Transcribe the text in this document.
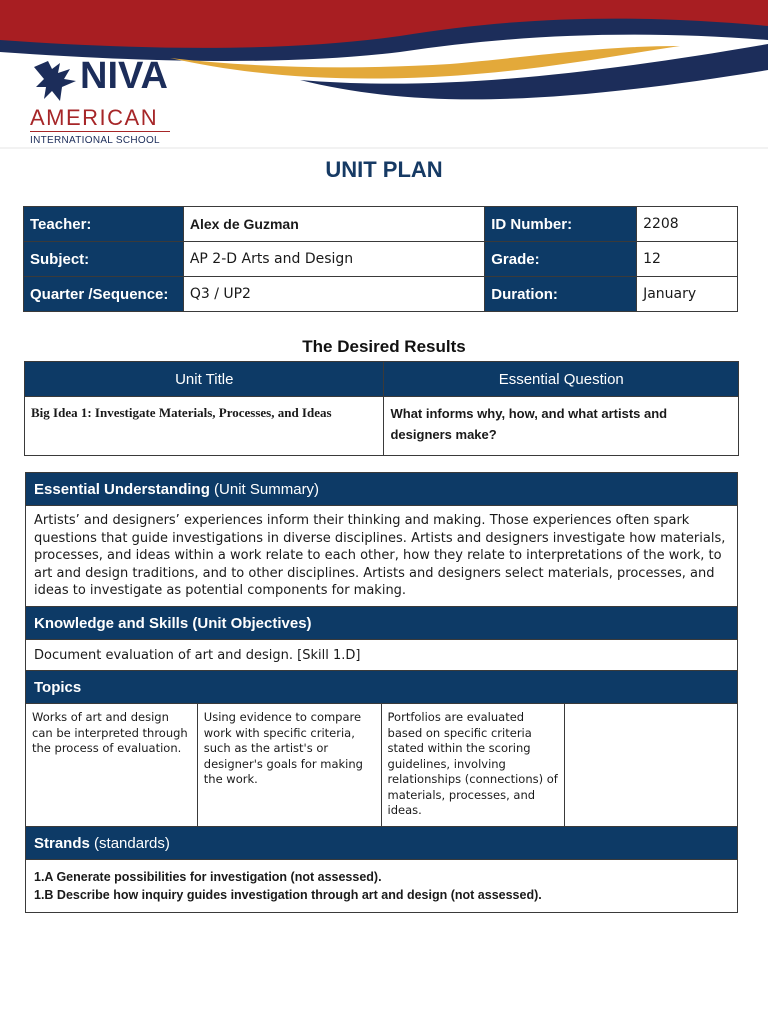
NIVA
AMERICAN
INTERNATIONAL SCHOOL
UNIT PLAN
Teacher:	Alex de Guzman	ID Number:	2208
Subject:	AP 2-D Arts and Design	Grade:	12
Quarter /Sequence:	Q3 / UP2	Duration:	January
The Desired Results
Unit Title	Essential Question
Big Idea 1: Investigate Materials, Processes, and Ideas	What informs why, how, and what artists and designers make?
Essential Understanding (Unit Summary)
Artists’ and designers’ experiences inform their thinking and making. Those experiences often spark questions that guide investigations in diverse disciplines. Artists and designers investigate how materials, processes, and ideas within a work relate to each other, how they relate to interpretations of the work, to art and design traditions, and to other disciplines. Artists and designers select materials, processes, and ideas to investigate as potential components for making.
Knowledge and Skills (Unit Objectives)
Document evaluation of art and design. [Skill 1.D]
Topics
Works of art and design can be interpreted through the process of evaluation.	Using evidence to compare work with specific criteria, such as the artist's or designer's goals for making the work.	Portfolios are evaluated based on specific criteria stated within the scoring guidelines, involving relationships (connections) of materials, processes, and ideas.	
Strands (standards)

1.A Generate possibilities for investigation (not assessed).
1.B Describe how inquiry guides investigation through art and design (not assessed).
